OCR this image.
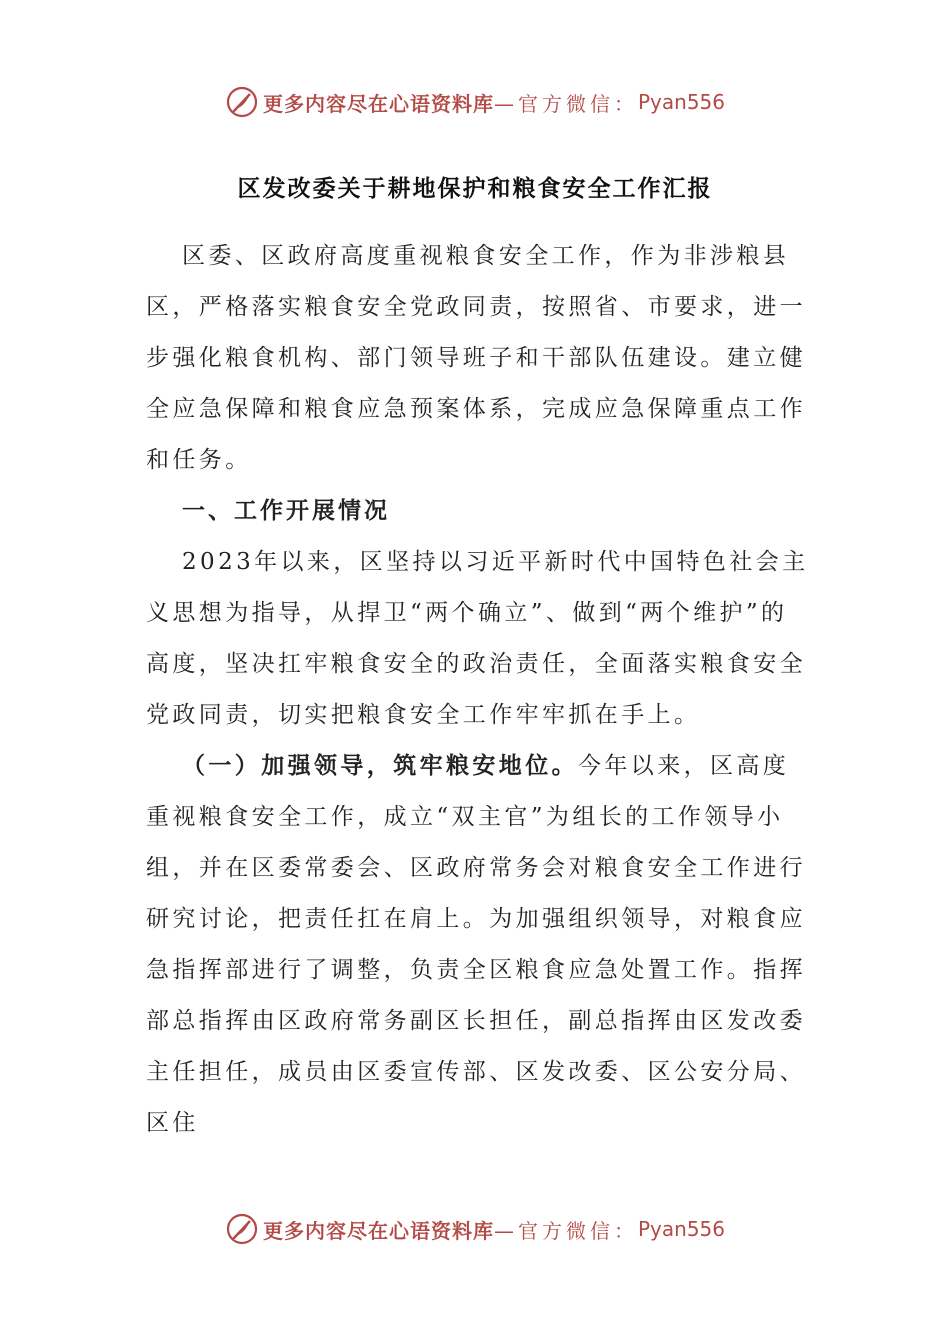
更多内容尽在心语资料库 —官方微信： Pyan556
区发改委关于耕地保护和粮食安全工作汇报

区委、区政府高度重视粮食安全工作，作为非涉粮县区，严格落实粮食安全党政同责，按照省、市要求，进一步强化粮食机构、部门领导班子和干部队伍建设。建立健全应急保障和粮食应急预案体系，完成应急保障重点工作和任务。

一、工作开展情况

2023年以来，区坚持以习近平新时代中国特色社会主义思想为指导，从捍卫“两个确立”、做到“两个维护”的高度，坚决扛牢粮食安全的政治责任，全面落实粮食安全党政同责，切实把粮食安全工作牢牢抓在手上。

（一）加强领导，筑牢粮安地位。今年以来，区高度重视粮食安全工作，成立“双主官”为组长的工作领导小组，并在区委常委会、区政府常务会对粮食安全工作进行研究讨论，把责任扛在肩上。为加强组织领导，对粮食应急指挥部进行了调整，负责全区粮食应急处置工作。指挥部总指挥由区政府常务副区长担任，副总指挥由区发改委主任担任，成员由区委宣传部、区发改委、区公安分局、区住

更多内容尽在心语资料库 —官方微信： Pyan556
